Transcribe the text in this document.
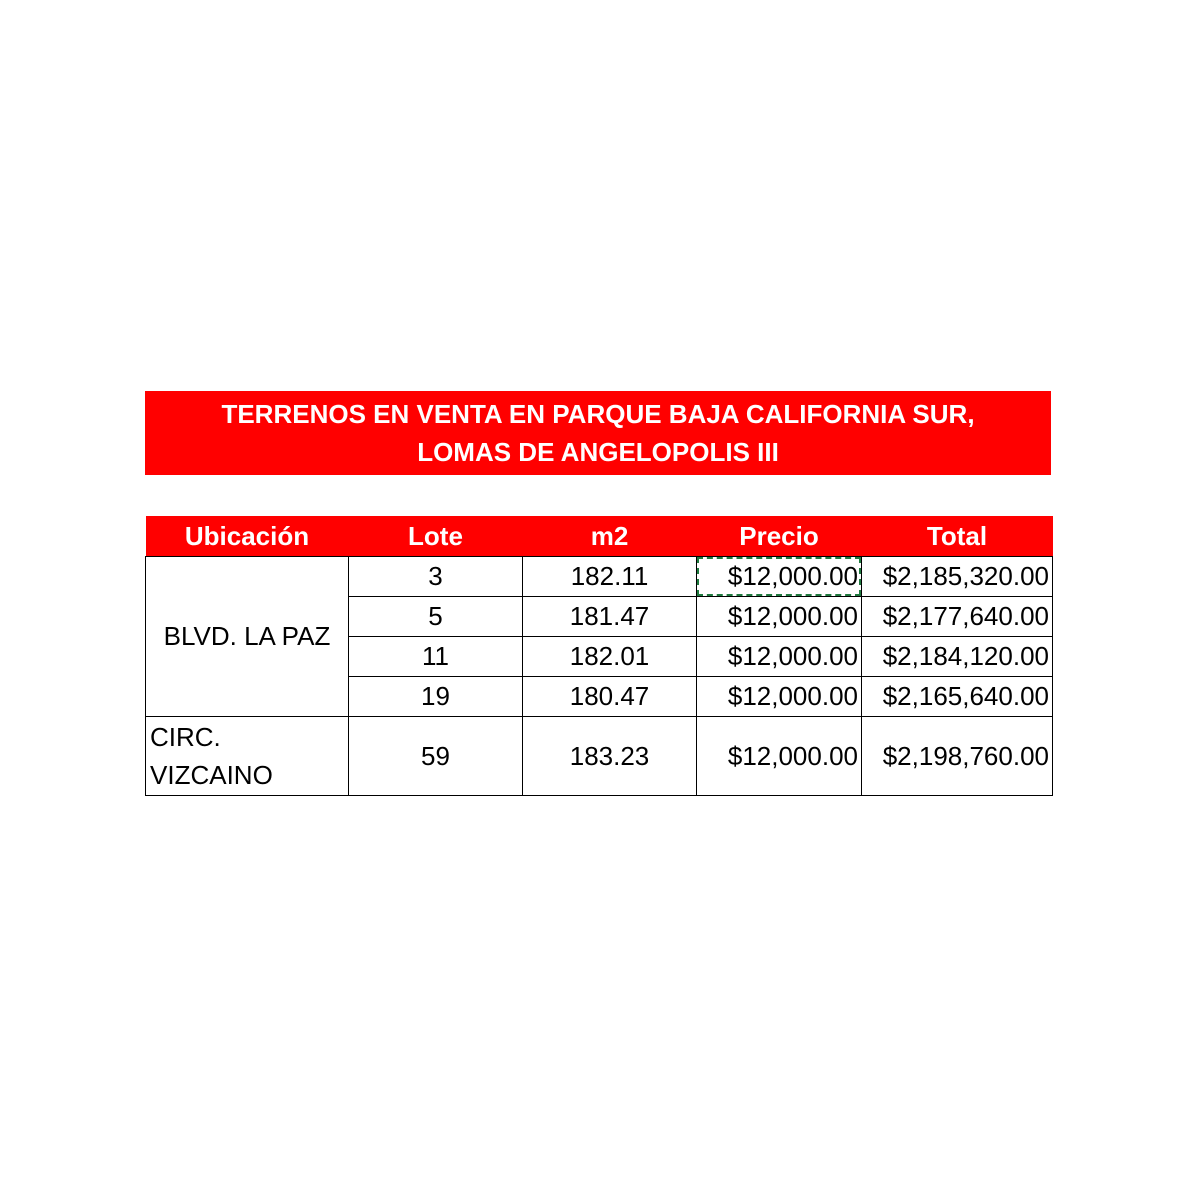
TERRENOS EN VENTA EN PARQUE BAJA CALIFORNIA SUR,
LOMAS DE ANGELOPOLIS III
Ubicación	Lote	m2	Precio	Total
BLVD. LA PAZ	3	182.11	$12,000.00	$2,185,320.00
	5	181.47	$12,000.00	$2,177,640.00
	11	182.01	$12,000.00	$2,184,120.00
	19	180.47	$12,000.00	$2,165,640.00
CIRC.
VIZCAINO	59	183.23	$12,000.00	$2,198,760.00
